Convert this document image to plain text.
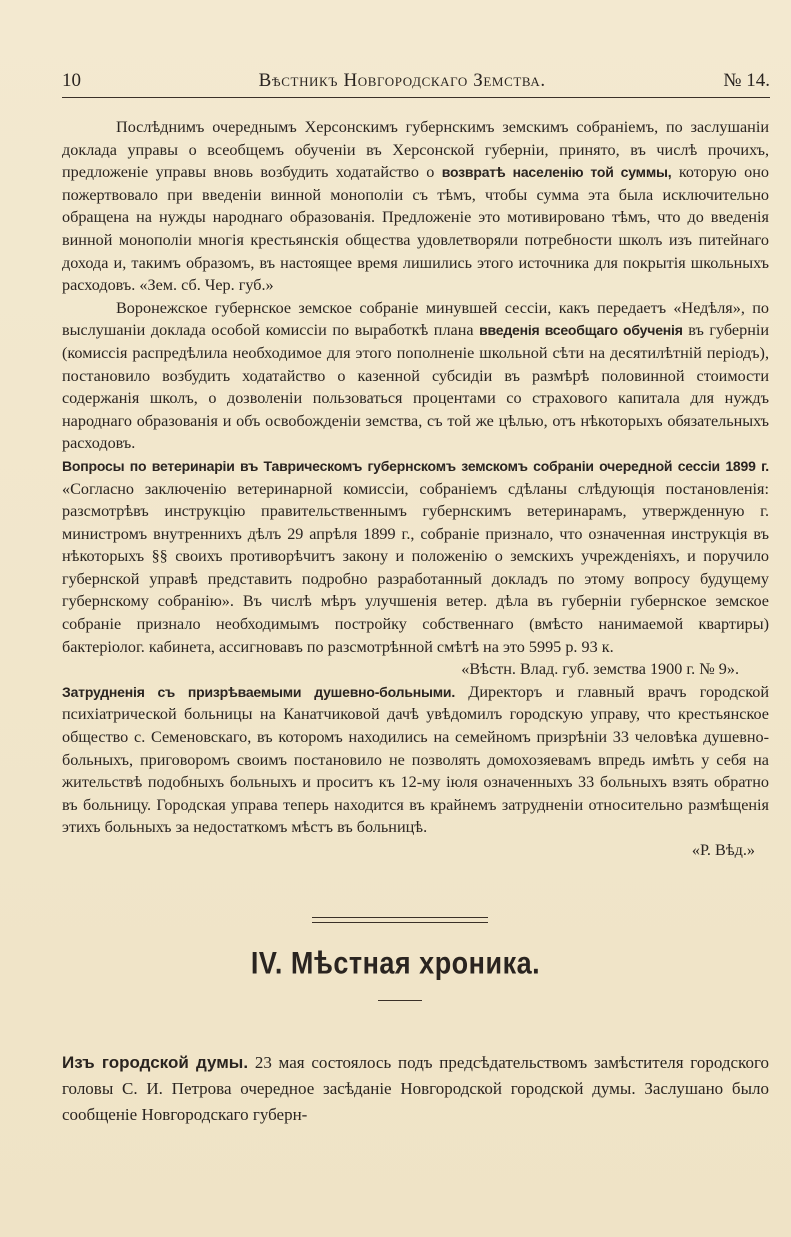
10	Вѣстникъ Новгородскаго Земства.	№ 14.

Послѣднимъ очереднымъ Херсонскимъ губернскимъ земскимъ собраніемъ, по заслушаніи доклада управы о всеобщемъ обученіи въ Херсонской губерніи, принято, въ числѣ прочихъ, предложеніе управы вновь возбудить ходатайство о возвратѣ населенію той суммы, которую оно пожертвовало при введеніи винной монополіи съ тѣмъ, чтобы сумма эта была исключительно обращена на нужды народнаго образованія. Предложеніе это мотивировано тѣмъ, что до введенія винной монополіи многія крестьянскія общества удовлетворяли потребности школъ изъ питейнаго дохода и, такимъ образомъ, въ настоящее время лишились этого источника для покрытія школьныхъ расходовъ. «Зем. сб. Чер. губ.»

Воронежское губернское земское собраніе минувшей сессіи, какъ передаетъ «Недѣля», по выслушаніи доклада особой комиссіи по выработкѣ плана введенія всеобщаго обученія въ губерніи (комиссія распредѣлила необходимое для этого пополненіе школьной сѣти на десятилѣтній періодъ), постановило возбудить ходатайство о казенной субсидіи въ размѣрѣ половинной стоимости содержанія школъ, о дозволеніи пользоваться процентами со страхового капитала для нуждъ народнаго образованія и объ освобожденіи земства, съ той же цѣлью, отъ нѣкоторыхъ обязательныхъ расходовъ.

Вопросы по ветеринаріи въ Таврическомъ губернскомъ земскомъ собраніи очередной сессіи 1899 г. «Согласно заключенію ветеринарной комиссіи, собраніемъ сдѣланы слѣдующія постановленія: разсмотрѣвъ инструкцію правительственнымъ губернскимъ ветеринарамъ, утвержденную г. министромъ внутреннихъ дѣлъ 29 апрѣля 1899 г., собраніе признало, что означенная инструкція въ нѣкоторыхъ §§ своихъ противорѣчитъ закону и положенію о земскихъ учрежденіяхъ, и поручило губернской управѣ представить подробно разработанный докладъ по этому вопросу будущему губернскому собранію». Въ числѣ мѣръ улучшенія ветер. дѣла въ губерніи губернское земское собраніе признало необходимымъ постройку собственнаго (вмѣсто нанимаемой квартиры) бактеріолог. кабинета, ассигновавъ по разсмотрѣнной смѣтѣ на это 5995 р. 93 к.
«Вѣстн. Влад. губ. земства 1900 г. № 9».

Затрудненія съ призрѣваемыми душевно-больными. Директоръ и главный врачъ городской психіатрической больницы на Канатчиковой дачѣ увѣдомилъ городскую управу, что крестьянское общество с. Семеновскаго, въ которомъ находились на семейномъ призрѣніи 33 человѣка душевно-больныхъ, приговоромъ своимъ постановило не позволять домохозяевамъ впредь имѣть у себя на жительствѣ подобныхъ больныхъ и проситъ къ 12-му іюля означенныхъ 33 больныхъ взять обратно въ больницу. Городская управа теперь находится въ крайнемъ затрудненіи относительно размѣщенія этихъ больныхъ за недостаткомъ мѣстъ въ больницѣ.
«Р. Вѣд.»

IV. Мѣстная хроника.
Изъ городской думы. 23 мая состоялось подъ предсѣдательствомъ замѣстителя городского головы С. И. Петрова очередное засѣданіе Новгородской городской думы. Заслушано было сообщеніе Новгородскаго губерн-
